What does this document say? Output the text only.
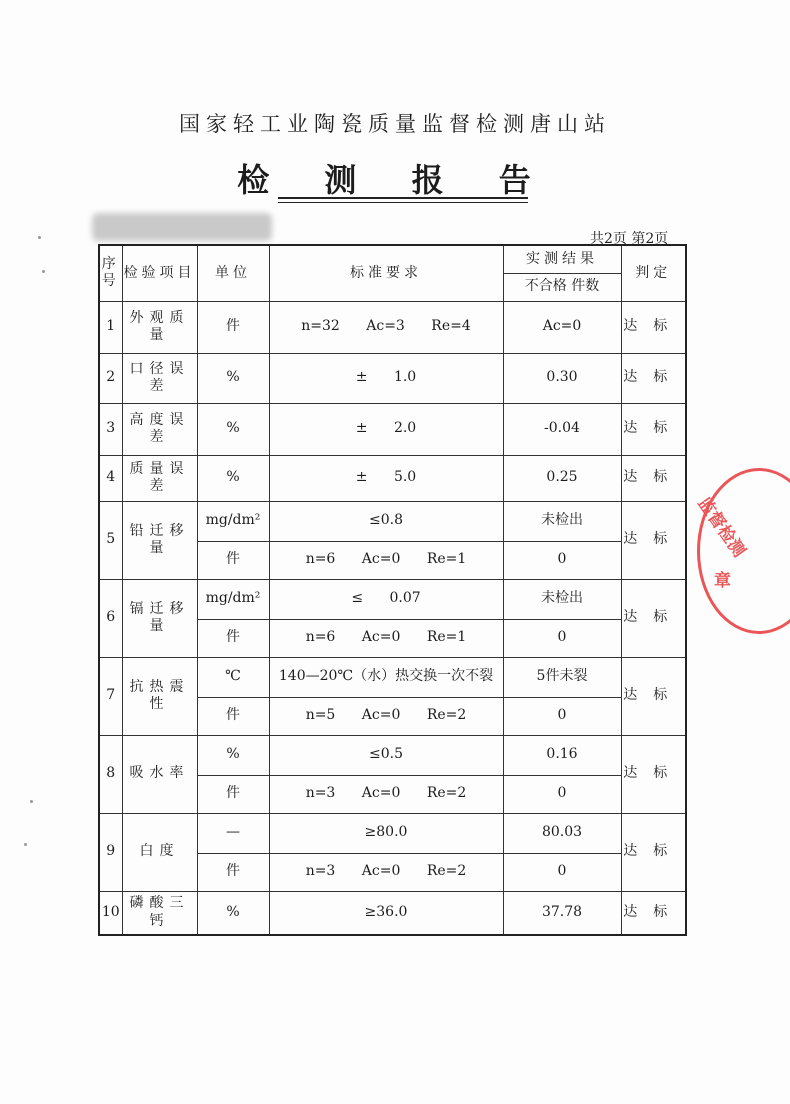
国家轻工业陶瓷质量监督检测唐山站
检 测 报 告
共2页 第2页
序号	检验项目	单位	标准要求	实测结果	判定
				不合格 件数	
1	外观质量	件	n=32 Ac=3 Re=4	Ac=0	达标
2	口径误差	%	± 1.0	0.30	达标
3	高度误差	%	± 2.0	-0.04	达标
4	质量误差	%	± 5.0	0.25	达标
5	铅迁移量	mg/dm²	≤0.8	未检出	达标
		件	n=6 Ac=0 Re=1	0	
6	镉迁移量	mg/dm²	≤ 0.07	未检出	达标
		件	n=6 Ac=0 Re=1	0	
7	抗热震性	℃	140—20℃（水）热交换一次不裂	5件未裂	达标
		件	n=5 Ac=0 Re=2	0	
8	吸水率	%	≤0.5	0.16	达标
		件	n=3 Ac=0 Re=2	0	
9	白度	—	≥80.0	80.03	达标
		件	n=3 Ac=0 Re=2	0	
10	磷酸三钙	%	≥36.0	37.78	达标
监督检测
章
